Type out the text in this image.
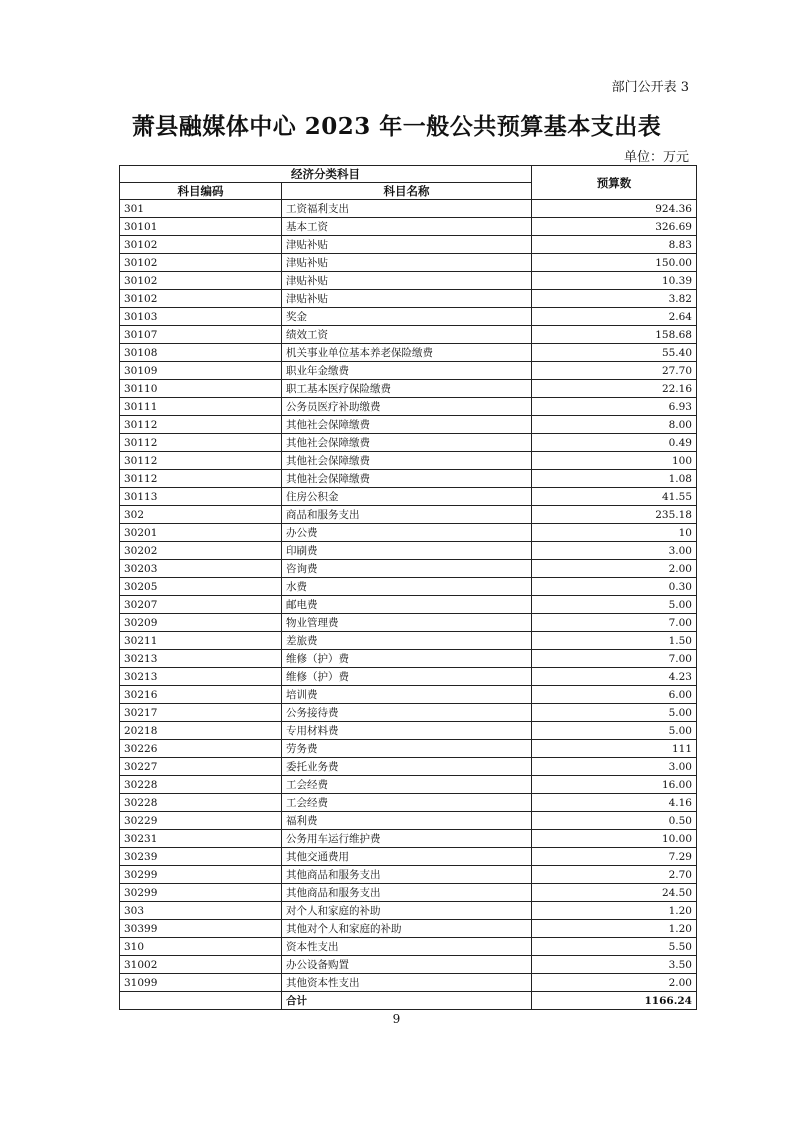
部门公开表 3
萧县融媒体中心 2023 年一般公共预算基本支出表
单位：万元
经济分类科目		预算数
科目编码	科目名称	
301	工资福利支出	924.36
30101	基本工资	326.69
30102	津贴补贴	8.83
30102	津贴补贴	150.00
30102	津贴补贴	10.39
30102	津贴补贴	3.82
30103	奖金	2.64
30107	绩效工资	158.68
30108	机关事业单位基本养老保险缴费	55.40
30109	职业年金缴费	27.70
30110	职工基本医疗保险缴费	22.16
30111	公务员医疗补助缴费	6.93
30112	其他社会保障缴费	8.00
30112	其他社会保障缴费	0.49
30112	其他社会保障缴费	100
30112	其他社会保障缴费	1.08
30113	住房公积金	41.55
302	商品和服务支出	235.18
30201	办公费	10
30202	印刷费	3.00
30203	咨询费	2.00
30205	水费	0.30
30207	邮电费	5.00
30209	物业管理费	7.00
30211	差旅费	1.50
30213	维修（护）费	7.00
30213	维修（护）费	4.23
30216	培训费	6.00
30217	公务接待费	5.00
20218	专用材料费	5.00
30226	劳务费	111
30227	委托业务费	3.00
30228	工会经费	16.00
30228	工会经费	4.16
30229	福利费	0.50
30231	公务用车运行维护费	10.00
30239	其他交通费用	7.29
30299	其他商品和服务支出	2.70
30299	其他商品和服务支出	24.50
303	对个人和家庭的补助	1.20
30399	其他对个人和家庭的补助	1.20
310	资本性支出	5.50
31002	办公设备购置	3.50
31099	其他资本性支出	2.00
	合计	1166.24
9
